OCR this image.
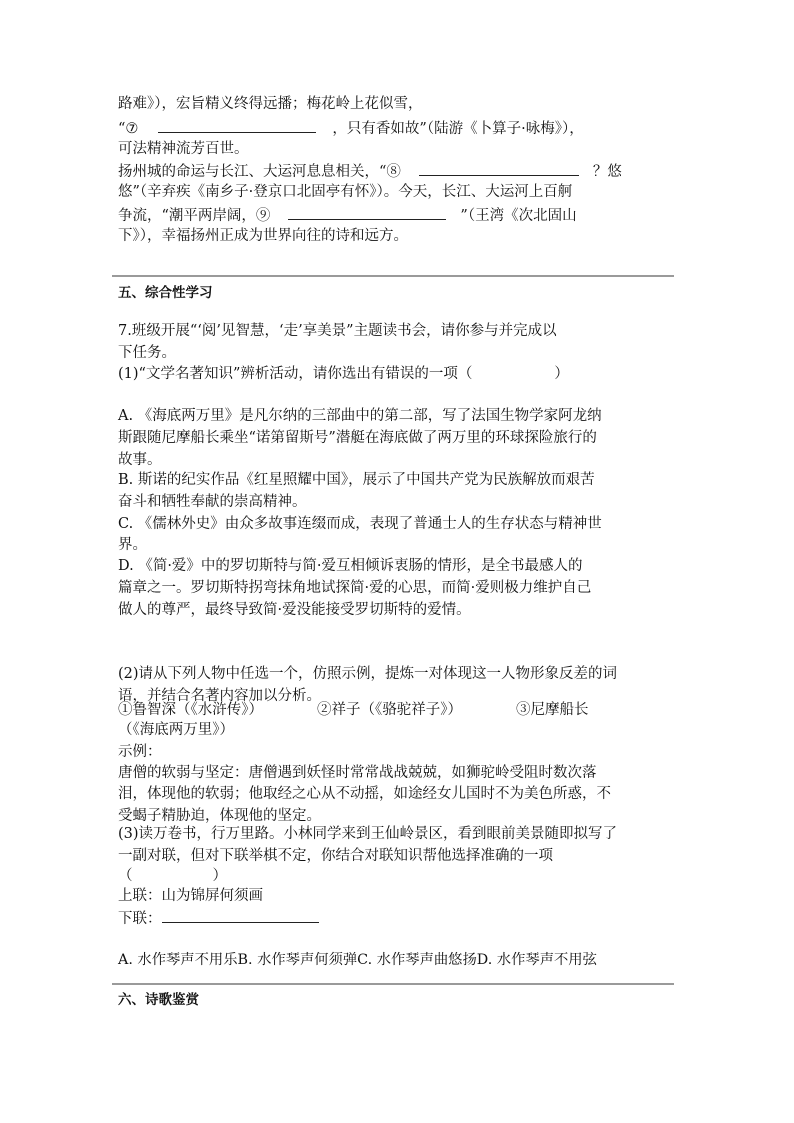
路难》），宏旨精义终得远播；梅花岭上花似雪，
“⑦	，只有香如故”（陆游《卜算子·咏梅》），
可法精神流芳百世。
扬州城的命运与长江、大运河息息相关，“⑧	？悠
悠”（辛弃疾《南乡子·登京口北固亭有怀》）。今天，长江、大运河上百舸
争流，“潮平两岸阔，⑨	”（王湾《次北固山
下》），幸福扬州正成为世界向往的诗和远方。
五、综合性学习
7.班级开展“‘阅’见智慧，‘走’享美景”主题读书会，请你参与并完成以
下任务。
(1)“文学名著知识”辨析活动，请你选出有错误的一项（	）
A. 《海底两万里》是凡尔纳的三部曲中的第二部，写了法国生物学家阿龙纳
斯跟随尼摩船长乘坐“诺第留斯号”潜艇在海底做了两万里的环球探险旅行的
故事。
B. 斯诺的纪实作品《红星照耀中国》，展示了中国共产党为民族解放而艰苦
奋斗和牺牲奉献的崇高精神。
C. 《儒林外史》由众多故事连缀而成，表现了普通士人的生存状态与精神世
界。
D. 《简·爱》中的罗切斯特与简·爱互相倾诉衷肠的情形，是全书最感人的
篇章之一。罗切斯特拐弯抹角地试探简·爱的心思，而简·爱则极力维护自己
做人的尊严，最终导致简·爱没能接受罗切斯特的爱情。
(2)请从下列人物中任选一个，仿照示例，提炼一对体现这一人物形象反差的词
语，并结合名著内容加以分析。
①鲁智深（《水浒传》）	②祥子（《骆驼祥子》）	③尼摩船长
（《海底两万里》）
示例：
唐僧的软弱与坚定：唐僧遇到妖怪时常常战战兢兢，如狮驼岭受阻时数次落
泪，体现他的软弱；他取经之心从不动摇，如途经女儿国时不为美色所惑，不
受蝎子精胁迫，体现他的坚定。
(3)读万卷书，行万里路。小林同学来到王仙岭景区，看到眼前美景随即拟写了
一副对联，但对下联举棋不定，你结合对联知识帮他选择准确的一项
（	）
上联：山为锦屏何须画
下联：
A. 水作琴声不用乐B. 水作琴声何须弹C. 水作琴声曲悠扬D. 水作琴声不用弦
六、诗歌鉴赏
